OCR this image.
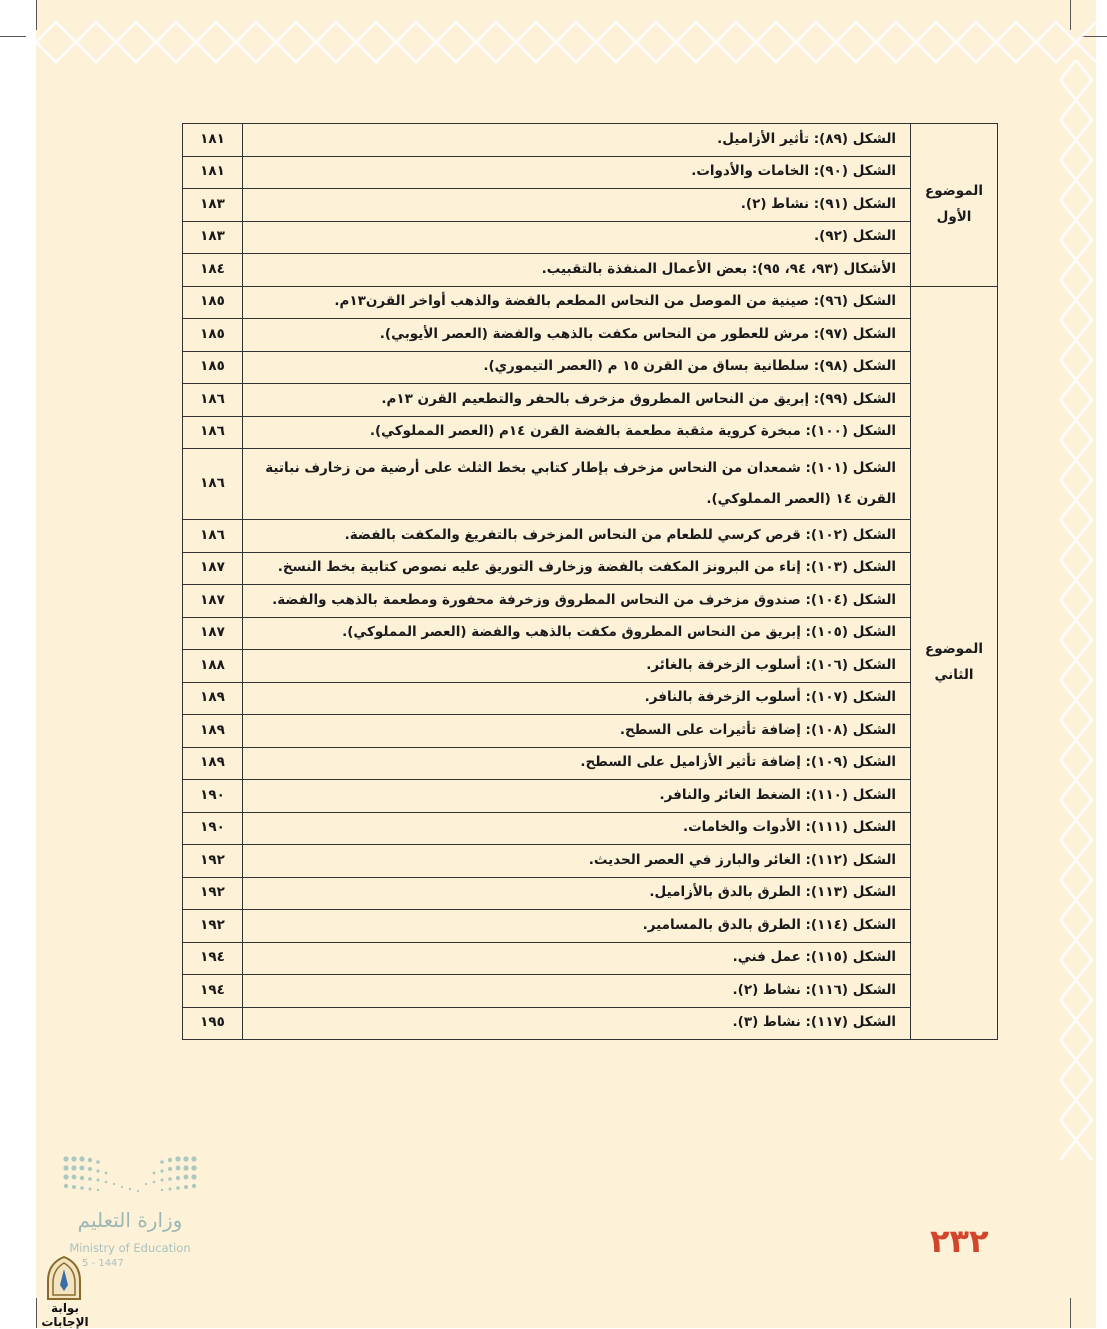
الموضوع الأول	الشكل (٨٩): تأثير الأزاميل.	١٨١
	الشكل (٩٠): الخامات والأدوات.	١٨١
	الشكل (٩١): نشاط (٢).	١٨٣
	الشكل (٩٢).	١٨٣
	الأشكال (٩٣، ٩٤، ٩٥): بعض الأعمال المنفذة بالتقبيب.	١٨٤
الموضوع الثاني	الشكل (٩٦): صينية من الموصل من النحاس المطعم بالفضة والذهب أواخر القرن١٣م.	١٨٥
	الشكل (٩٧): مرش للعطور من النحاس مكفت بالذهب والفضة (العصر الأيوبي).	١٨٥
	الشكل (٩٨): سلطانية بساق من القرن ١٥ م (العصر التيموري).	١٨٥
	الشكل (٩٩): إبريق من النحاس المطروق مزخرف بالحفر والتطعيم القرن ١٣م.	١٨٦
	الشكل (١٠٠): مبخرة كروية مثقبة مطعمة بالفضة القرن ١٤م (العصر المملوكي).	١٨٦
	الشكل (١٠١): شمعدان من النحاس مزخرف بإطار كتابي بخط الثلث على أرضية من زخارف نباتية القرن ١٤ (العصر المملوكي).	١٨٦
	الشكل (١٠٢): قرص كرسي للطعام من النحاس المزخرف بالتفريغ والمكفت بالفضة.	١٨٦
	الشكل (١٠٣): إناء من البرونز المكفت بالفضة وزخارف التوريق عليه نصوص كتابية بخط النسخ.	١٨٧
	الشكل (١٠٤): صندوق مزخرف من النحاس المطروق وزخرفة محفورة ومطعمة بالذهب والفضة.	١٨٧
	الشكل (١٠٥): إبريق من النحاس المطروق مكفت بالذهب والفضة (العصر المملوكي).	١٨٧
	الشكل (١٠٦): أسلوب الزخرفة بالغائر.	١٨٨
	الشكل (١٠٧): أسلوب الزخرفة بالنافر.	١٨٩
	الشكل (١٠٨): إضافة تأثيرات على السطح.	١٨٩
	الشكل (١٠٩): إضافة تأثير الأزاميل على السطح.	١٨٩
	الشكل (١١٠): الضغط الغائر والنافر.	١٩٠
	الشكل (١١١): الأدوات والخامات.	١٩٠
	الشكل (١١٢): الغائر والبارز في العصر الحديث.	١٩٢
	الشكل (١١٣): الطرق بالدق بالأزاميل.	١٩٢
	الشكل (١١٤): الطرق بالدق بالمسامير.	١٩٢
	الشكل (١١٥): عمل فني.	١٩٤
	الشكل (١١٦): نشاط (٢).	١٩٤
	الشكل (١١٧): نشاط (٣).	١٩٥
وزارة التعليم
Ministry of Education
5 - 1447
٢٣٢
بوابة الإجابات
